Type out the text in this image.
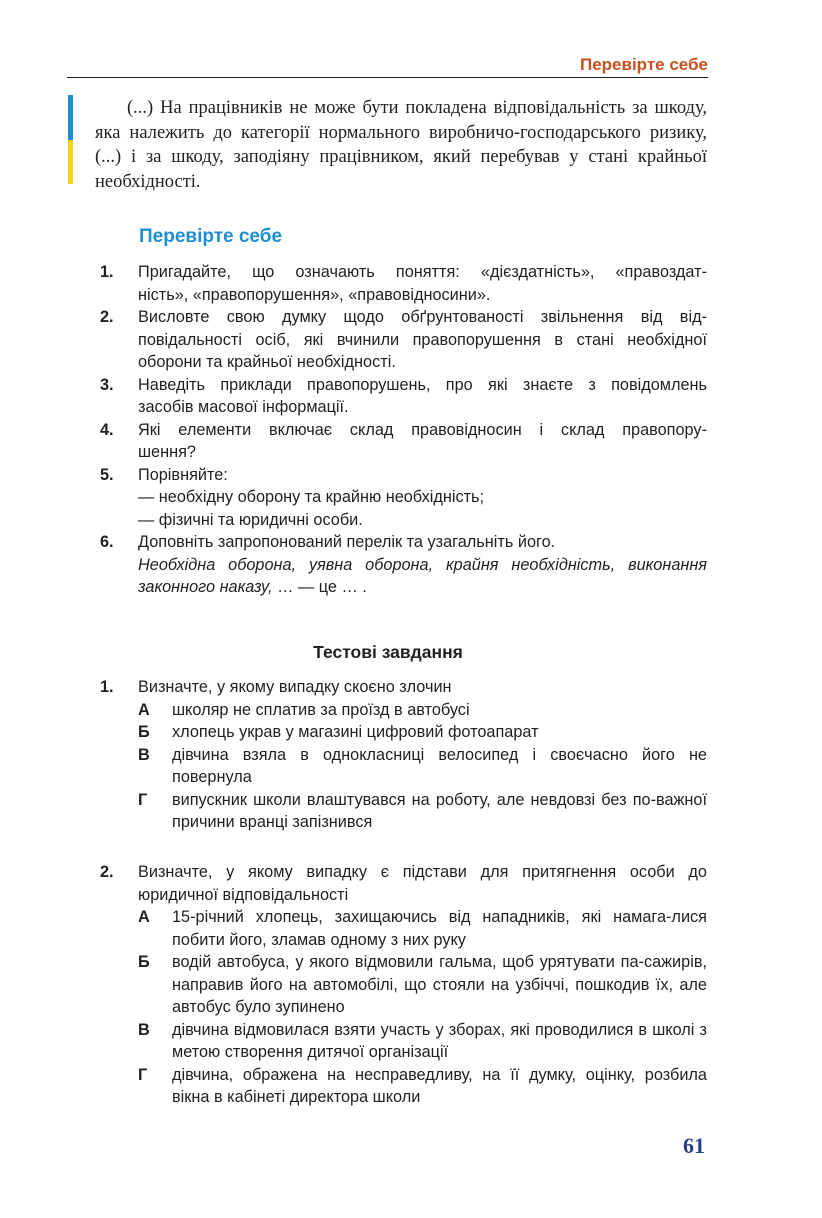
Перевірте себе
(...) На працівників не може бути покладена відповідальність за шкоду, яка належить до категорії нормального виробничо-господарського ризику, (...) і за шкоду, заподіяну працівником, який перебував у стані крайньої необхідності.
Перевірте себе
1.	Пригадайте, що означають поняття: «дієздатність», «правоздат-
ність», «правопорушення», «правовідносини».
2.	Висловте свою думку щодо обґрунтованості звільнення від від-
повідальності осіб, які вчинили правопорушення в стані необхідної
оборони та крайньої необхідності.
3.	Наведіть приклади правопорушень, про які знаєте з повідомлень
засобів масової інформації.
4.	Які елементи включає склад правовідносин і склад правопору-
шення?
5.	Порівняйте:
— необхідну оборону та крайню необхідність;
— фізичні та юридичні особи.
6.	Доповніть запропонований перелік та узагальніть його.
Необхідна оборона, уявна оборона, крайня необхідність, виконання
законного наказу, … — це … .
Тестові завдання
1.	Визначте, у якому випадку скоєно злочин
А	школяр не сплатив за проїзд в автобусі
Б	хлопець украв у магазині цифровий фотоапарат
В	дівчина взяла в однокласниці велосипед і своєчасно його не повернула
Г	випускник школи влаштувався на роботу, але невдовзі без по-важної причини вранці запізнився
2.	Визначте, у якому випадку є підстави для притягнення особи до юридичної відповідальності
А	15-річний хлопець, захищаючись від нападників, які намага-лися побити його, зламав одному з них руку
Б	водій автобуса, у якого відмовили гальма, щоб урятувати па-сажирів, направив його на автомобілі, що стояли на узбіччі, пошкодив їх, але автобус було зупинено
В	дівчина відмовилася взяти участь у зборах, які проводилися в школі з метою створення дитячої організації
Г	дівчина, ображена на несправедливу, на її думку, оцінку, розбила вікна в кабінеті директора школи
61
